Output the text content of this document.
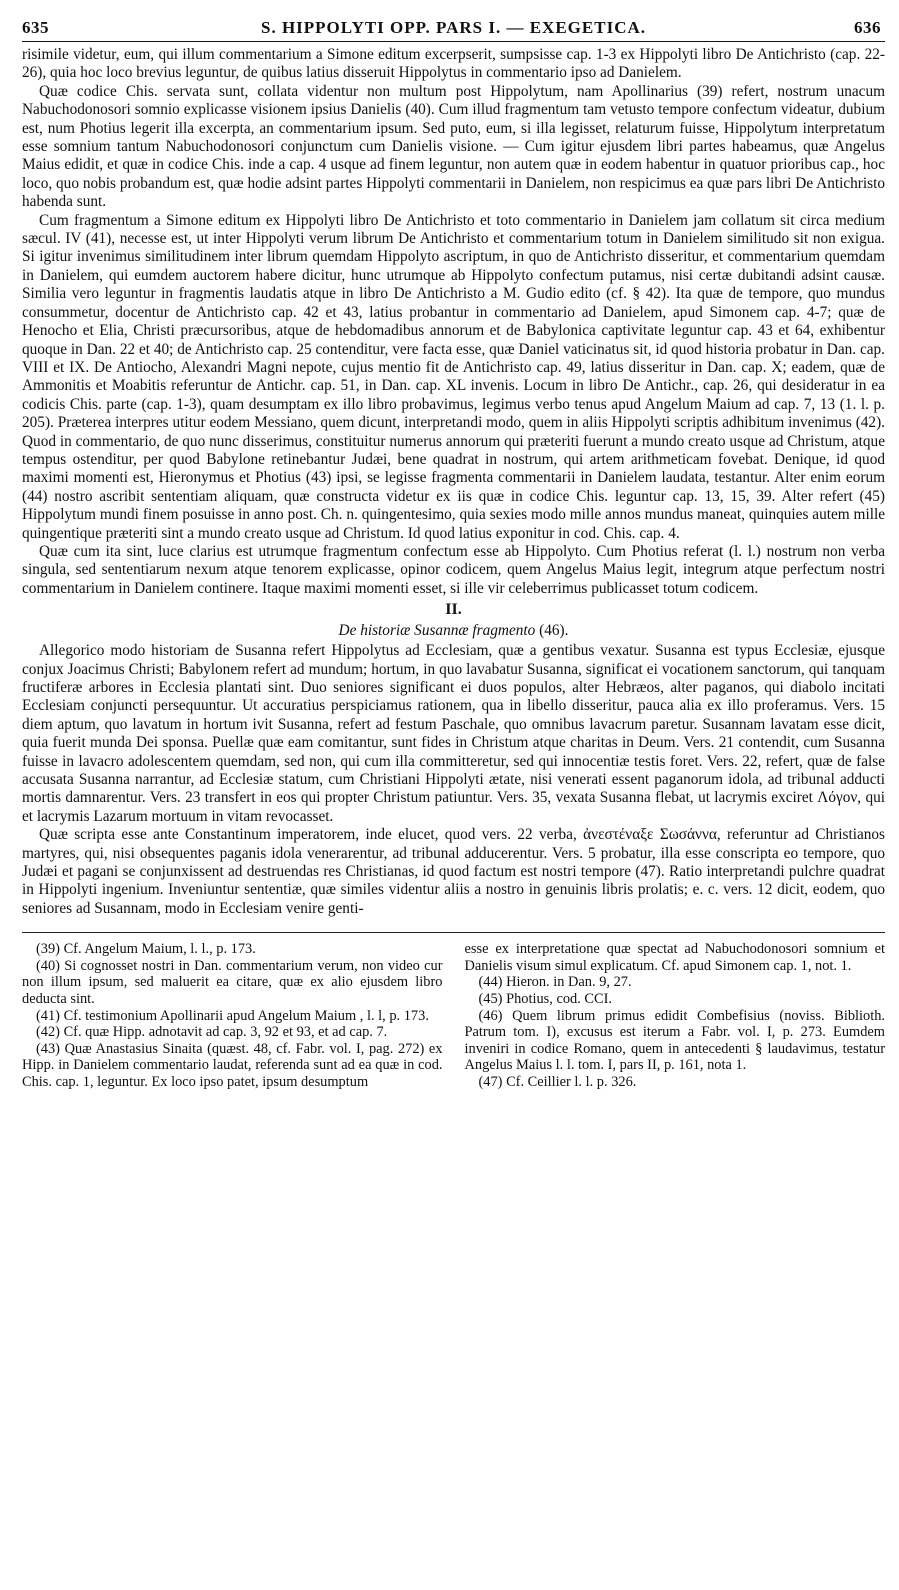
635	S. HIPPOLYTI OPP. PARS I. — EXEGETICA.	636

risimile videtur, eum, qui illum commentarium a Simone editum excerpserit, sumpsisse cap. 1-3 ex Hippolyti libro De Antichristo (cap. 22-26), quia hoc loco brevius leguntur, de quibus latius disseruit Hippolytus in commentario ipso ad Danielem.

Quæ codice Chis. servata sunt, collata videntur non multum post Hippolytum, nam Apollinarius (39) refert, nostrum unacum Nabuchodonosori somnio explicasse visionem ipsius Danielis (40). Cum illud fragmentum tam vetusto tempore confectum videatur, dubium est, num Photius legerit illa excerpta, an commentarium ipsum. Sed puto, eum, si illa legisset, relaturum fuisse, Hippolytum interpretatum esse somnium tantum Nabuchodonosori conjunctum cum Danielis visione. — Cum igitur ejusdem libri partes habeamus, quæ Angelus Maius edidit, et quæ in codice Chis. inde a cap. 4 usque ad finem leguntur, non autem quæ in eodem habentur in quatuor prioribus cap., hoc loco, quo nobis probandum est, quæ hodie adsint partes Hippolyti commentarii in Danielem, non respicimus ea quæ pars libri De Antichristo habenda sunt.

Cum fragmentum a Simone editum ex Hippolyti libro De Antichristo et toto commentario in Danielem jam collatum sit circa medium sæcul. IV (41), necesse est, ut inter Hippolyti verum librum De Antichristo et commentarium totum in Danielem similitudo sit non exigua. Si igitur invenimus similitudinem inter librum quemdam Hippolyto ascriptum, in quo de Antichristo disseritur, et commentarium quemdam in Danielem, qui eumdem auctorem habere dicitur, hunc utrumque ab Hippolyto confectum putamus, nisi certæ dubitandi adsint causæ. Similia vero leguntur in fragmentis laudatis atque in libro De Antichristo a M. Gudio edito (cf. § 42). Ita quæ de tempore, quo mundus consummetur, docentur de Antichristo cap. 42 et 43, latius probantur in commentario ad Danielem, apud Simonem cap. 4-7; quæ de Henocho et Elia, Christi præcursoribus, atque de hebdomadibus annorum et de Babylonica captivitate leguntur cap. 43 et 64, exhibentur quoque in Dan. 22 et 40; de Antichristo cap. 25 contenditur, vere facta esse, quæ Daniel vaticinatus sit, id quod historia probatur in Dan. cap. VIII et IX. De Antiocho, Alexandri Magni nepote, cujus mentio fit de Antichristo cap. 49, latius disseritur in Dan. cap. X; eadem, quæ de Ammonitis et Moabitis referuntur de Antichr. cap. 51, in Dan. cap. XL invenis. Locum in libro De Antichr., cap. 26, qui desideratur in ea codicis Chis. parte (cap. 1-3), quam desumptam ex illo libro probavimus, legimus verbo tenus apud Angelum Maium ad cap. 7, 13 (1. l. p. 205). Præterea interpres utitur eodem Messiano, quem dicunt, interpretandi modo, quem in aliis Hippolyti scriptis adhibitum invenimus (42). Quod in commentario, de quo nunc disserimus, constituitur numerus annorum qui præteriti fuerunt a mundo creato usque ad Christum, atque tempus ostenditur, per quod Babylone retinebantur Judæi, bene quadrat in nostrum, qui artem arithmeticam fovebat. Denique, id quod maximi momenti est, Hieronymus et Photius (43) ipsi, se legisse fragmenta commentarii in Danielem laudata, testantur. Alter enim eorum (44) nostro ascribit sententiam aliquam, quæ constructa videtur ex iis quæ in codice Chis. leguntur cap. 13, 15, 39. Alter refert (45) Hippolytum mundi finem posuisse in anno post. Ch. n. quingentesimo, quia sexies modo mille annos mundus maneat, quinquies autem mille quingentique præteriti sint a mundo creato usque ad Christum. Id quod latius exponitur in cod. Chis. cap. 4.

Quæ cum ita sint, luce clarius est utrumque fragmentum confectum esse ab Hippolyto. Cum Photius referat (l. l.) nostrum non verba singula, sed sententiarum nexum atque tenorem explicasse, opinor codicem, quem Angelus Maius legit, integrum atque perfectum nostri commentarium in Danielem continere. Itaque maximi momenti esset, si ille vir celeberrimus publicasset totum codicem.

II.
De historiæ Susannæ fragmento (46).

Allegorico modo historiam de Susanna refert Hippolytus ad Ecclesiam, quæ a gentibus vexatur. Susanna est typus Ecclesiæ, ejusque conjux Joacimus Christi; Babylonem refert ad mundum; hortum, in quo lavabatur Susanna, significat ei vocationem sanctorum, qui tanquam fructiferæ arbores in Ecclesia plantati sint. Duo seniores significant ei duos populos, alter Hebræos, alter paganos, qui diabolo incitati Ecclesiam conjuncti persequuntur. Ut accuratius perspiciamus rationem, qua in libello disseritur, pauca alia ex illo proferamus. Vers. 15 diem aptum, quo lavatum in hortum ivit Susanna, refert ad festum Paschale, quo omnibus lavacrum paretur. Susannam lavatam esse dicit, quia fuerit munda Dei sponsa. Puellæ quæ eam comitantur, sunt fides in Christum atque charitas in Deum. Vers. 21 contendit, cum Susanna fuisse in lavacro adolescentem quemdam, sed non, qui cum illa committeretur, sed qui innocentiæ testis foret. Vers. 22, refert, quæ de false accusata Susanna narrantur, ad Ecclesiæ statum, cum Christiani Hippolyti ætate, nisi venerati essent paganorum idola, ad tribunal adducti mortis damnarentur. Vers. 23 transfert in eos qui propter Christum patiuntur. Vers. 35, vexata Susanna flebat, ut lacrymis exciret Λόγον, qui et lacrymis Lazarum mortuum in vitam revocasset.

Quæ scripta esse ante Constantinum imperatorem, inde elucet, quod vers. 22 verba, ἀνεστέναξε Σωσάννα, referuntur ad Christianos martyres, qui, nisi obsequentes paganis idola venerarentur, ad tribunal adducerentur. Vers. 5 probatur, illa esse conscripta eo tempore, quo Judæi et pagani se conjunxissent ad destruendas res Christianas, id quod factum est nostri tempore (47). Ratio interpretandi pulchre quadrat in Hippolyti ingenium. Inveniuntur sententiæ, quæ similes videntur aliis a nostro in genuinis libris prolatis; e. c. vers. 12 dicit, eodem, quo seniores ad Susannam, modo in Ecclesiam venire genti-

(39) Cf. Angelum Maium, l. l., p. 173.

(40) Si cognosset nostri in Dan. commentarium verum, non video cur non illum ipsum, sed maluerit ea citare, quæ ex alio ejusdem libro deducta sint.

(41) Cf. testimonium Apollinarii apud Angelum Maium , l. l, p. 173.

(42) Cf. quæ Hipp. adnotavit ad cap. 3, 92 et 93, et ad cap. 7.

(43) Quæ Anastasius Sinaita (quæst. 48, cf. Fabr. vol. I, pag. 272) ex Hipp. in Danielem commentario laudat, referenda sunt ad ea quæ in cod. Chis. cap. 1, leguntur. Ex loco ipso patet, ipsum desumptum

esse ex interpretatione quæ spectat ad Nabuchodonosori somnium et Danielis visum simul explicatum. Cf. apud Simonem cap. 1, not. 1.

(44) Hieron. in Dan. 9, 27.

(45) Photius, cod. CCI.

(46) Quem librum primus edidit Combefisius (noviss. Biblioth. Patrum tom. I), excusus est iterum a Fabr. vol. I, p. 273. Eumdem inveniri in codice Romano, quem in antecedenti § laudavimus, testatur Angelus Maius l. l. tom. I, pars II, p. 161, nota 1.

(47) Cf. Ceillier l. l. p. 326.
